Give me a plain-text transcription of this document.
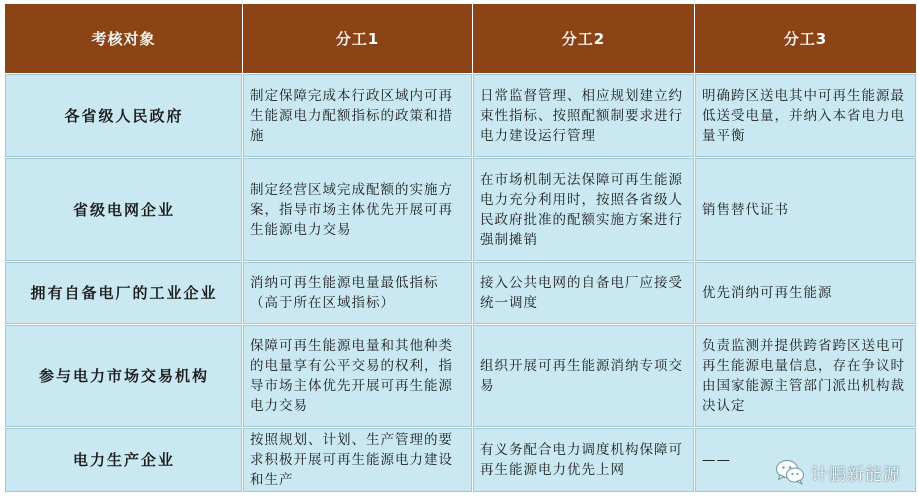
考核对象	分工1	分工2	分工3
各省级人民政府	制定保障完成本行政区域内可再生能源电力配额指标的政策和措施	日常监督管理、相应规划建立约束性指标、按照配额制要求进行电力建设运行管理	明确跨区送电其中可再生能源最低送受电量，并纳入本省电力电量平衡
省级电网企业	制定经营区域完成配额的实施方案，指导市场主体优先开展可再生能源电力交易	在市场机制无法保障可再生能源电力充分利用时，按照各省级人民政府批准的配额实施方案进行强制摊销	销售替代证书
拥有自备电厂的工业企业	消纳可再生能源电量最低指标（高于所在区域指标）	接入公共电网的自备电厂应接受统一调度	优先消纳可再生能源
参与电力市场交易机构	保障可再生能源电量和其他种类的电量享有公平交易的权利，指导市场主体优先开展可再生能源电力交易	组织开展可再生能源消纳专项交易	负责监测并提供跨省跨区送电可再生能源电量信息，存在争议时由国家能源主管部门派出机构裁决认定
电力生产企业	按照规划、计划、生产管理的要求积极开展可再生能源电力建设和生产	有义务配合电力调度机构保障可再生能源电力优先上网	——
计鹏新能源
